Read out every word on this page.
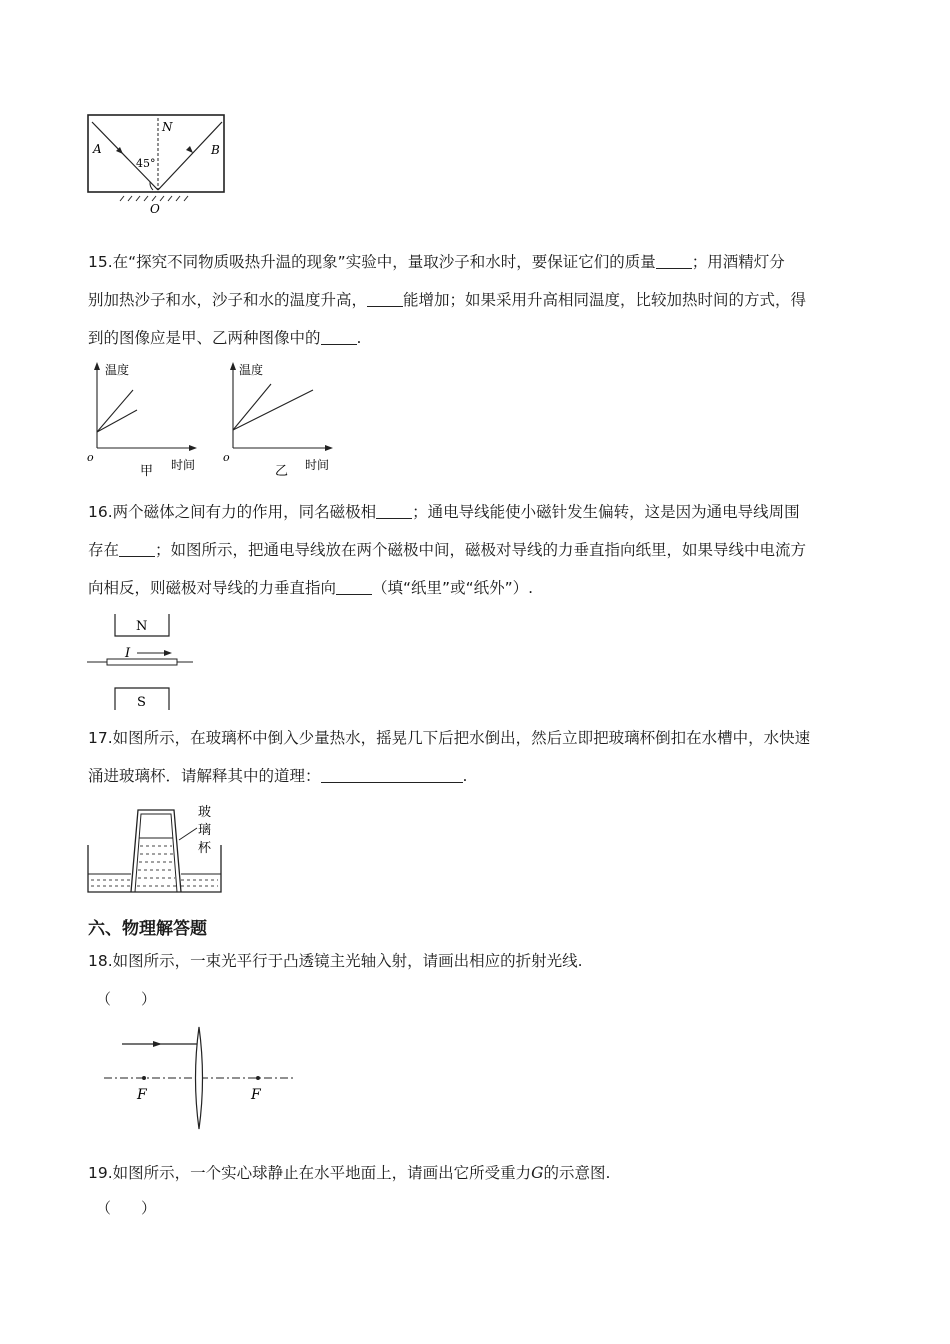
N
A	B
45°
O

15.在“探究不同物质吸热升温的现象”实验中，量取沙子和水时，要保证它们的质量 ；用酒精灯分

别加热沙子和水，沙子和水的温度升高， 能增加；如果采用升高相同温度，比较加热时间的方式，得

到的图像应是甲、乙两种图像中的 .

温度
o
时间
甲
温度
o
时间
乙

16.两个磁体之间有力的作用，同名磁极相 ；通电导线能使小磁针发生偏转，这是因为通电导线周围

存在 ；如图所示，把通电导线放在两个磁极中间，磁极对导线的力垂直指向纸里，如果导线中电流方

向相反，则磁极对导线的力垂直指向 （填“纸里”或“纸外”）.

N
I
S

17.如图所示，在玻璃杯中倒入少量热水，摇晃几下后把水倒出，然后立即把玻璃杯倒扣在水槽中，水快速

涌进玻璃杯．请解释其中的道理：	.

玻
璃
杯
六、物理解答题

18.如图所示，一束光平行于凸透镜主光轴入射，请画出相应的折射光线.

（　　）
F	F

19.如图所示，一个实心球静止在水平地面上，请画出它所受重力G的示意图.

（　　）
